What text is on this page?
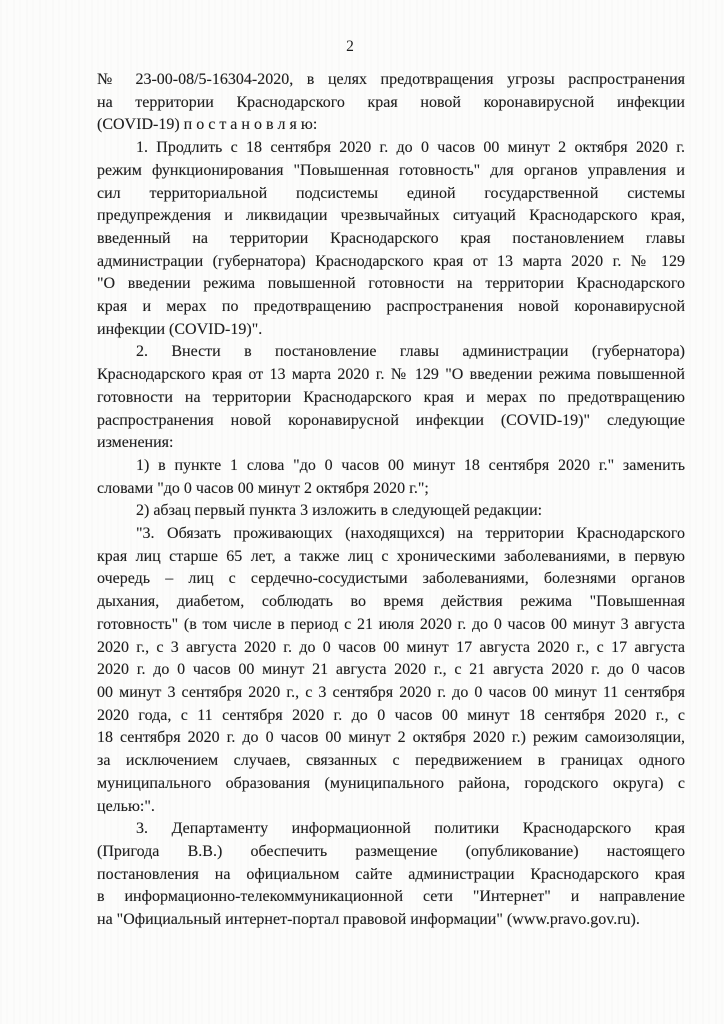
2
№ 23-00-08/5-16304-2020, в целях предотвращения угрозы распространения
на территории Краснодарского края новой коронавирусной инфекции
(COVID-19) п о с т а н о в л я ю:
1. Продлить с 18 сентября 2020 г. до 0 часов 00 минут 2 октября 2020 г.
режим функционирования "Повышенная готовность" для органов управления и
сил территориальной подсистемы единой государственной системы
предупреждения и ликвидации чрезвычайных ситуаций Краснодарского края,
введенный на территории Краснодарского края постановлением главы
администрации (губернатора) Краснодарского края от 13 марта 2020 г. № 129
"О введении режима повышенной готовности на территории Краснодарского
края и мерах по предотвращению распространения новой коронавирусной
инфекции (COVID-19)".
2. Внести в постановление главы администрации (губернатора)
Краснодарского края от 13 марта 2020 г. № 129 "О введении режима повышенной
готовности на территории Краснодарского края и мерах по предотвращению
распространения новой коронавирусной инфекции (COVID-19)" следующие
изменения:
1) в пункте 1 слова "до 0 часов 00 минут 18 сентября 2020 г." заменить
словами "до 0 часов 00 минут 2 октября 2020 г.";
2) абзац первый пункта 3 изложить в следующей редакции:
"3. Обязать проживающих (находящихся) на территории Краснодарского
края лиц старше 65 лет, а также лиц с хроническими заболеваниями, в первую
очередь – лиц с сердечно-сосудистыми заболеваниями, болезнями органов
дыхания, диабетом, соблюдать во время действия режима "Повышенная
готовность" (в том числе в период с 21 июля 2020 г. до 0 часов 00 минут 3 августа
2020 г., с 3 августа 2020 г. до 0 часов 00 минут 17 августа 2020 г., с 17 августа
2020 г. до 0 часов 00 минут 21 августа 2020 г., с 21 августа 2020 г. до 0 часов
00 минут 3 сентября 2020 г., с 3 сентября 2020 г. до 0 часов 00 минут 11 сентября
2020 года, с 11 сентября 2020 г. до 0 часов 00 минут 18 сентября 2020 г., с
18 сентября 2020 г. до 0 часов 00 минут 2 октября 2020 г.) режим самоизоляции,
за исключением случаев, связанных с передвижением в границах одного
муниципального образования (муниципального района, городского округа) с
целью:".
3. Департаменту информационной политики Краснодарского края
(Пригода В.В.) обеспечить размещение (опубликование) настоящего
постановления на официальном сайте администрации Краснодарского края
в информационно-телекоммуникационной сети "Интернет" и направление
на "Официальный интернет-портал правовой информации" (www.pravo.gov.ru).
